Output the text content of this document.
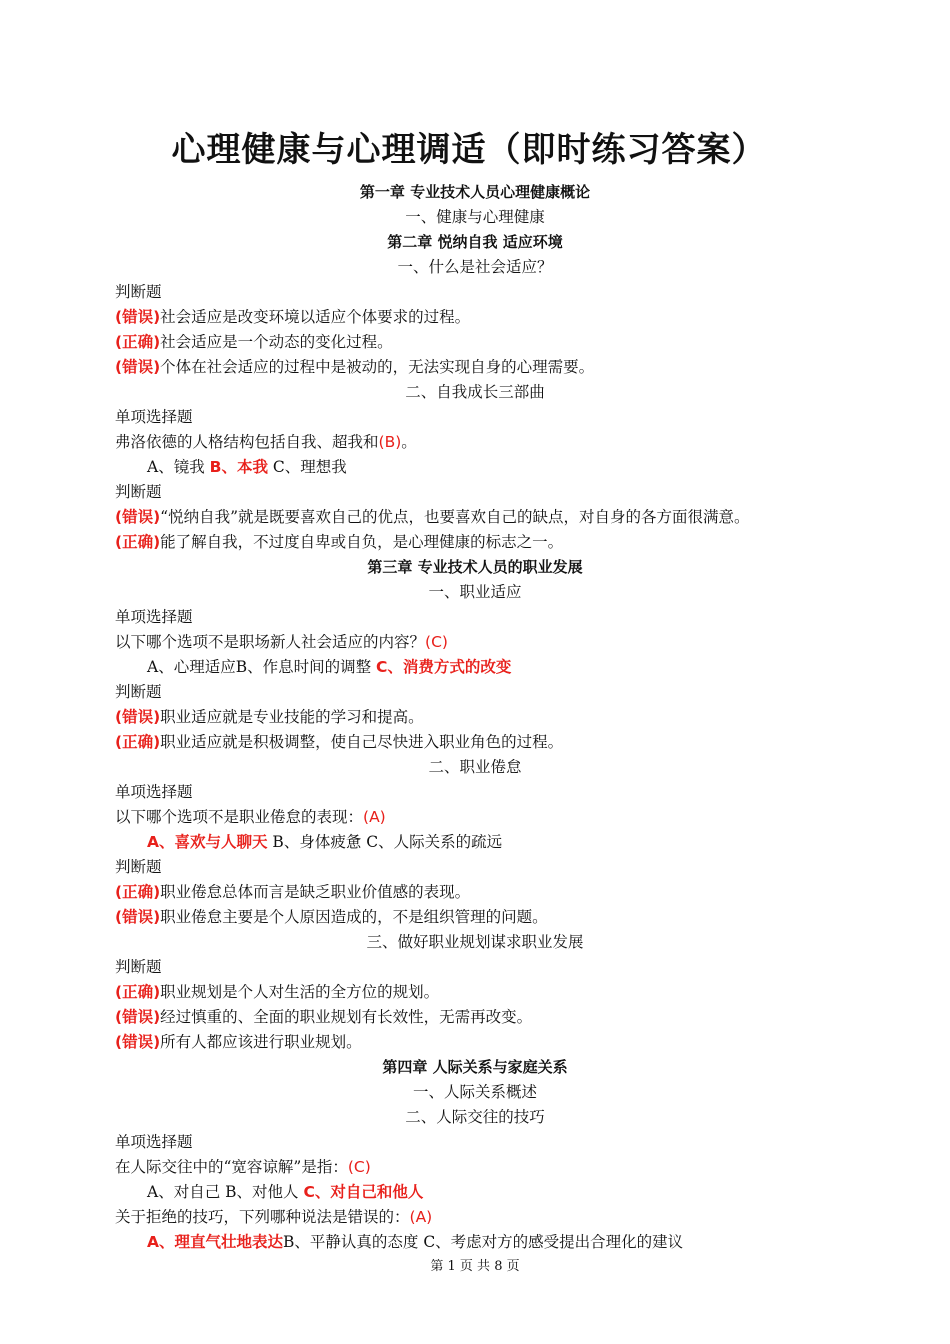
心理健康与心理调适（即时练习答案）
第一章 专业技术人员心理健康概论
一、健康与心理健康
第二章 悦纳自我 适应环境
一、什么是社会适应？
判断题
(错误)社会适应是改变环境以适应个体要求的过程。
(正确)社会适应是一个动态的变化过程。
(错误)个体在社会适应的过程中是被动的，无法实现自身的心理需要。
二、自我成长三部曲
单项选择题
弗洛依德的人格结构包括自我、超我和(B)。
A、镜我 B、本我 C、理想我
判断题
(错误)“悦纳自我”就是既要喜欢自己的优点，也要喜欢自己的缺点，对自身的各方面很满意。
(正确)能了解自我，不过度自卑或自负，是心理健康的标志之一。
第三章 专业技术人员的职业发展
一、职业适应
单项选择题
以下哪个选项不是职场新人社会适应的内容？(C)
A、心理适应B、作息时间的调整 C、消费方式的改变
判断题
(错误)职业适应就是专业技能的学习和提高。
(正确)职业适应就是积极调整，使自己尽快进入职业角色的过程。
二、职业倦怠
单项选择题
以下哪个选项不是职业倦怠的表现：(A)
A、喜欢与人聊天 B、身体疲惫 C、人际关系的疏远
判断题
(正确)职业倦怠总体而言是缺乏职业价值感的表现。
(错误)职业倦怠主要是个人原因造成的，不是组织管理的问题。
三、做好职业规划谋求职业发展
判断题
(正确)职业规划是个人对生活的全方位的规划。
(错误)经过慎重的、全面的职业规划有长效性，无需再改变。
(错误)所有人都应该进行职业规划。
第四章 人际关系与家庭关系
一、人际关系概述
二、人际交往的技巧
单项选择题
在人际交往中的“宽容谅解”是指：(C)
A、对自己 B、对他人 C、对自己和他人
关于拒绝的技巧，下列哪种说法是错误的：(A)
A、理直气壮地表达B、平静认真的态度 C、考虑对方的感受提出合理化的建议
第 1 页 共 8 页
